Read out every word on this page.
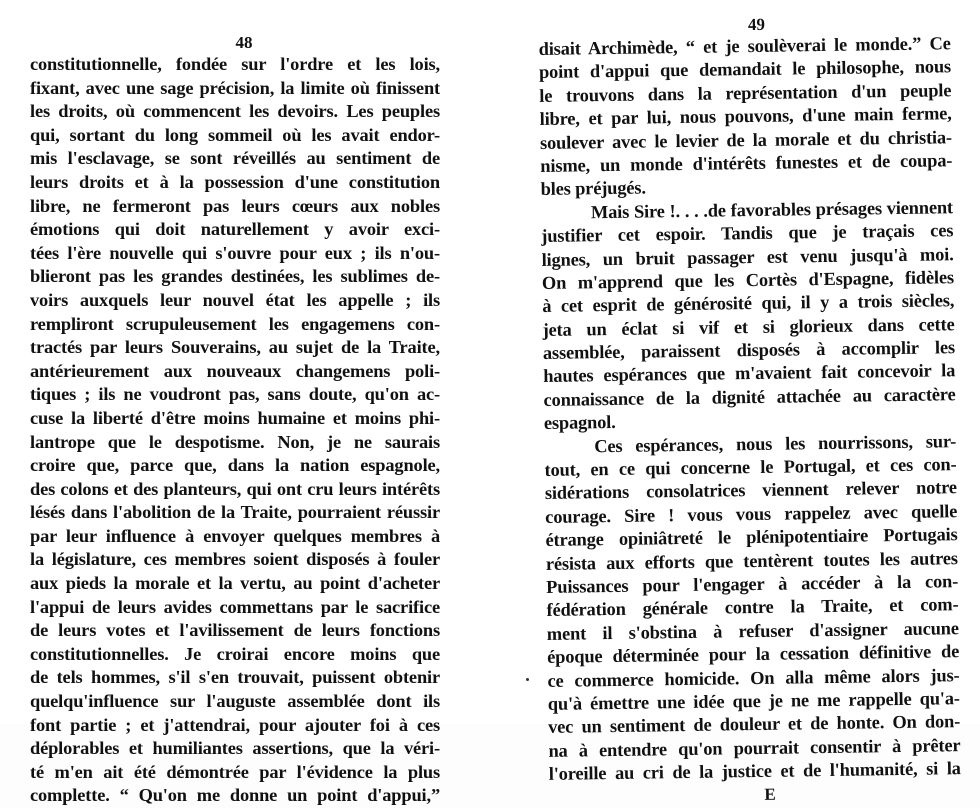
48
constitutionnelle, fondée sur l'ordre et les lois,
fixant, avec une sage précision, la limite où finissent
les droits, où commencent les devoirs. Les peuples
qui, sortant du long sommeil où les avait endor-
mis l'esclavage, se sont réveillés au sentiment de
leurs droits et à la possession d'une constitution
libre, ne fermeront pas leurs cœurs aux nobles
émotions qui doit naturellement y avoir exci-
tées l'ère nouvelle qui s'ouvre pour eux ; ils n'ou-
blieront pas les grandes destinées, les sublimes de-
voirs auxquels leur nouvel état les appelle ; ils
rempliront scrupuleusement les engagemens con-
tractés par leurs Souverains, au sujet de la Traite,
antérieurement aux nouveaux changemens poli-
tiques ; ils ne voudront pas, sans doute, qu'on ac-
cuse la liberté d'être moins humaine et moins phi-
lantrope que le despotisme. Non, je ne saurais
croire que, parce que, dans la nation espagnole,
des colons et des planteurs, qui ont cru leurs intérêts
lésés dans l'abolition de la Traite, pourraient réussir
par leur influence à envoyer quelques membres à
la législature, ces membres soient disposés à fouler
aux pieds la morale et la vertu, au point d'acheter
l'appui de leurs avides commettans par le sacrifice
de leurs votes et l'avilissement de leurs fonctions
constitutionnelles. Je croirai encore moins que
de tels hommes, s'il s'en trouvait, puissent obtenir
quelqu'influence sur l'auguste assemblée dont ils
font partie ; et j'attendrai, pour ajouter foi à ces
déplorables et humiliantes assertions, que la véri-
té m'en ait été démontrée par l'évidence la plus
complette. “ Qu'on me donne un point d'appui,”
49
disait Archimède, “ et je soulèverai le monde.” Ce
point d'appui que demandait le philosophe, nous
le trouvons dans la représentation d'un peuple
libre, et par lui, nous pouvons, d'une main ferme,
soulever avec le levier de la morale et du christia-
nisme, un monde d'intérêts funestes et de coupa-
bles préjugés.
Mais Sire !. . . .de favorables présages viennent
justifier cet espoir. Tandis que je traçais ces
lignes, un bruit passager est venu jusqu'à moi.
On m'apprend que les Cortès d'Espagne, fidèles
à cet esprit de générosité qui, il y a trois siècles,
jeta un éclat si vif et si glorieux dans cette
assemblée, paraissent disposés à accomplir les
hautes espérances que m'avaient fait concevoir la
connaissance de la dignité attachée au caractère
espagnol.
Ces espérances, nous les nourrissons, sur-
tout, en ce qui concerne le Portugal, et ces con-
sidérations consolatrices viennent relever notre
courage. Sire ! vous vous rappelez avec quelle
étrange opiniâtreté le plénipotentiaire Portugais
résista aux efforts que tentèrent toutes les autres
Puissances pour l'engager à accéder à la con-
fédération générale contre la Traite, et com-
ment il s'obstina à refuser d'assigner aucune
époque déterminée pour la cessation définitive de
ce commerce homicide. On alla même alors jus-
qu'à émettre une idée que je ne me rappelle qu'a-
vec un sentiment de douleur et de honte. On don-
na à entendre qu'on pourrait consentir à prêter
l'oreille au cri de la justice et de l'humanité, si la
E
